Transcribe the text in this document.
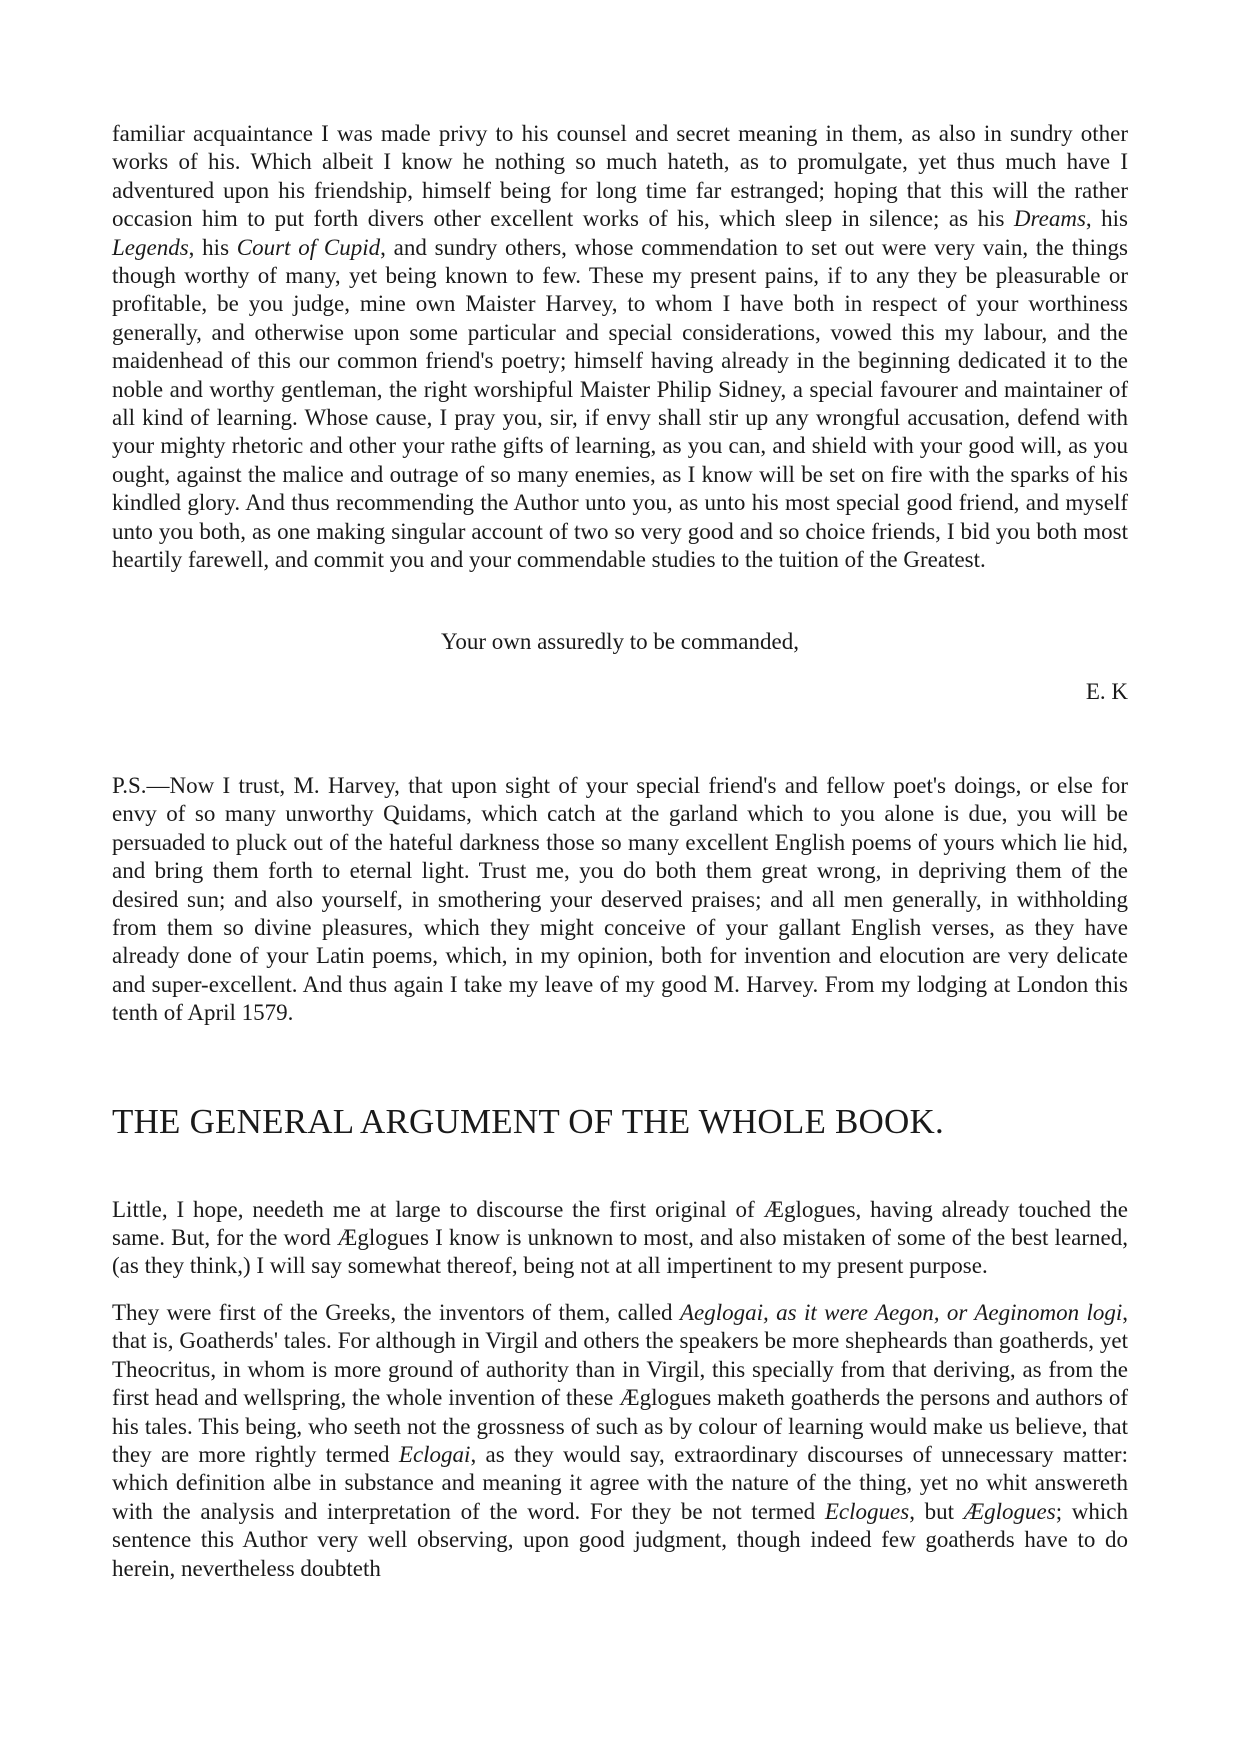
familiar acquaintance I was made privy to his counsel and secret meaning in them, as also in sundry other works of his. Which albeit I know he nothing so much hateth, as to promulgate, yet thus much have I adventured upon his friendship, himself being for long time far estranged; hoping that this will the rather occasion him to put forth divers other excellent works of his, which sleep in silence; as his Dreams, his Legends, his Court of Cupid, and sundry others, whose commendation to set out were very vain, the things though worthy of many, yet being known to few. These my present pains, if to any they be pleasurable or profitable, be you judge, mine own Maister Harvey, to whom I have both in respect of your worthiness generally, and otherwise upon some particular and special considerations, vowed this my labour, and the maidenhead of this our common friend's poetry; himself having already in the beginning dedicated it to the noble and worthy gentleman, the right worshipful Maister Philip Sidney, a special favourer and maintainer of all kind of learning. Whose cause, I pray you, sir, if envy shall stir up any wrongful accusation, defend with your mighty rhetoric and other your rathe gifts of learning, as you can, and shield with your good will, as you ought, against the malice and outrage of so many enemies, as I know will be set on fire with the sparks of his kindled glory. And thus recommending the Author unto you, as unto his most special good friend, and myself unto you both, as one making singular account of two so very good and so choice friends, I bid you both most heartily farewell, and commit you and your commendable studies to the tuition of the Greatest.

Your own assuredly to be commanded,

E. K

P.S.—Now I trust, M. Harvey, that upon sight of your special friend's and fellow poet's doings, or else for envy of so many unworthy Quidams, which catch at the garland which to you alone is due, you will be persuaded to pluck out of the hateful darkness those so many excellent English poems of yours which lie hid, and bring them forth to eternal light. Trust me, you do both them great wrong, in depriving them of the desired sun; and also yourself, in smothering your deserved praises; and all men generally, in withholding from them so divine pleasures, which they might conceive of your gallant English verses, as they have already done of your Latin poems, which, in my opinion, both for invention and elocution are very delicate and super-excellent. And thus again I take my leave of my good M. Harvey. From my lodging at London this tenth of April 1579.

THE GENERAL ARGUMENT OF THE WHOLE BOOK.

Little, I hope, needeth me at large to discourse the first original of Æglogues, having already touched the same. But, for the word Æglogues I know is unknown to most, and also mistaken of some of the best learned, (as they think,) I will say somewhat thereof, being not at all impertinent to my present purpose.

They were first of the Greeks, the inventors of them, called Aeglogai, as it were Aegon, or Aeginomon logi, that is, Goatherds' tales. For although in Virgil and others the speakers be more shepheards than goatherds, yet Theocritus, in whom is more ground of authority than in Virgil, this specially from that deriving, as from the first head and wellspring, the whole invention of these Æglogues maketh goatherds the persons and authors of his tales. This being, who seeth not the grossness of such as by colour of learning would make us believe, that they are more rightly termed Eclogai, as they would say, extraordinary discourses of unnecessary matter: which definition albe in substance and meaning it agree with the nature of the thing, yet no whit answereth with the analysis and interpretation of the word. For they be not termed Eclogues, but Æglogues; which sentence this Author very well observing, upon good judgment, though indeed few goatherds have to do herein, nevertheless doubteth
